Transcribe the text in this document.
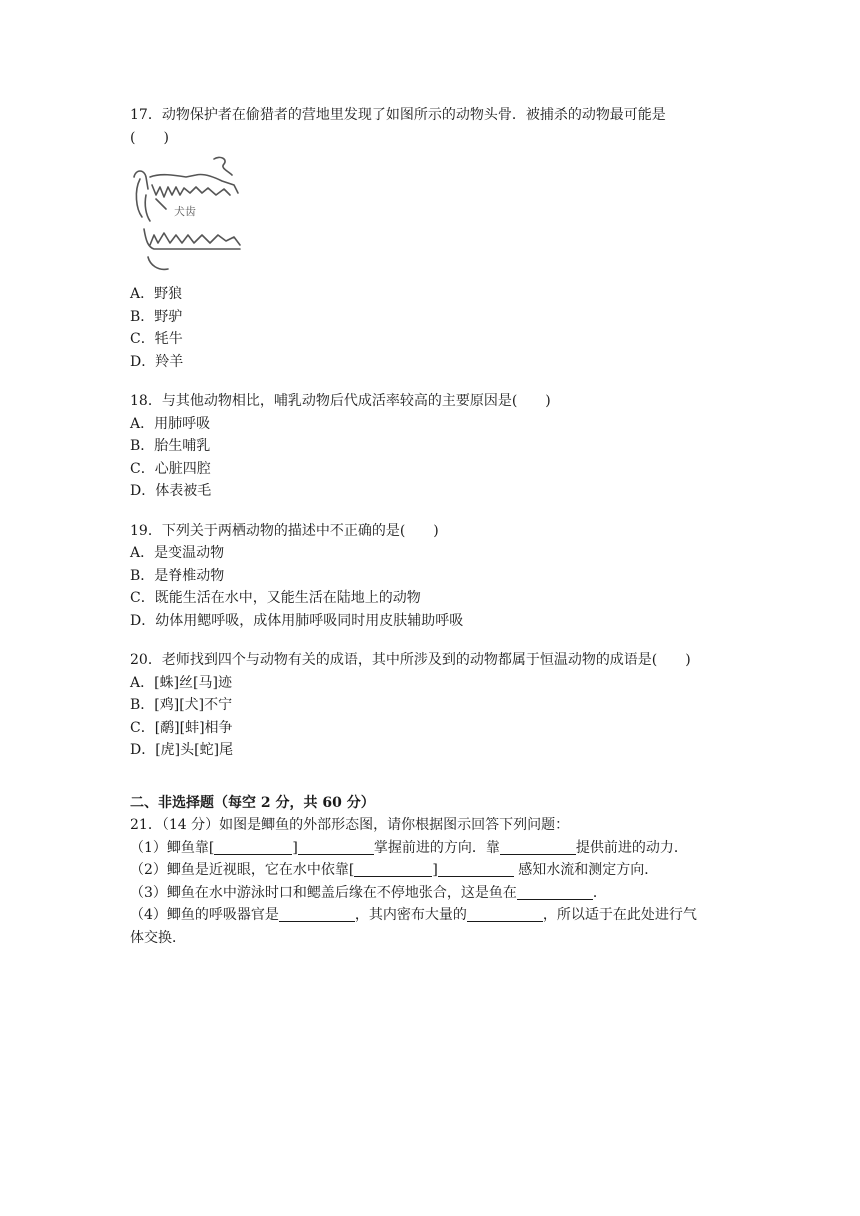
17．动物保护者在偷猎者的营地里发现了如图所示的动物头骨．被捕杀的动物最可能是
(　　)
犬齿
A．野狼
B．野驴
C．牦牛
D．羚羊
18．与其他动物相比，哺乳动物后代成活率较高的主要原因是(　　)
A．用肺呼吸
B．胎生哺乳
C．心脏四腔
D．体表被毛
19．下列关于两栖动物的描述中不正确的是(　　)
A．是变温动物
B．是脊椎动物
C．既能生活在水中，又能生活在陆地上的动物
D．幼体用鳃呼吸，成体用肺呼吸同时用皮肤辅助呼吸
20．老师找到四个与动物有关的成语，其中所涉及到的动物都属于恒温动物的成语是(　　)
A．[蛛]丝[马]迹
B．[鸡][犬]不宁
C．[鹬][蚌]相争
D．[虎]头[蛇]尾
二、非选择题（每空 2 分，共 60 分）
21．（14 分）如图是鲫鱼的外部形态图，请你根据图示回答下列问题：
（1）鲫鱼靠[	]	掌握前进的方向．靠	提供前进的动力．
（2）鲫鱼是近视眼，它在水中依靠[	]	感知水流和测定方向．
（3）鲫鱼在水中游泳时口和鳃盖后缘在不停地张合，这是鱼在	．
（4）鲫鱼的呼吸器官是	，其内密布大量的	，所以适于在此处进行气
体交换．
